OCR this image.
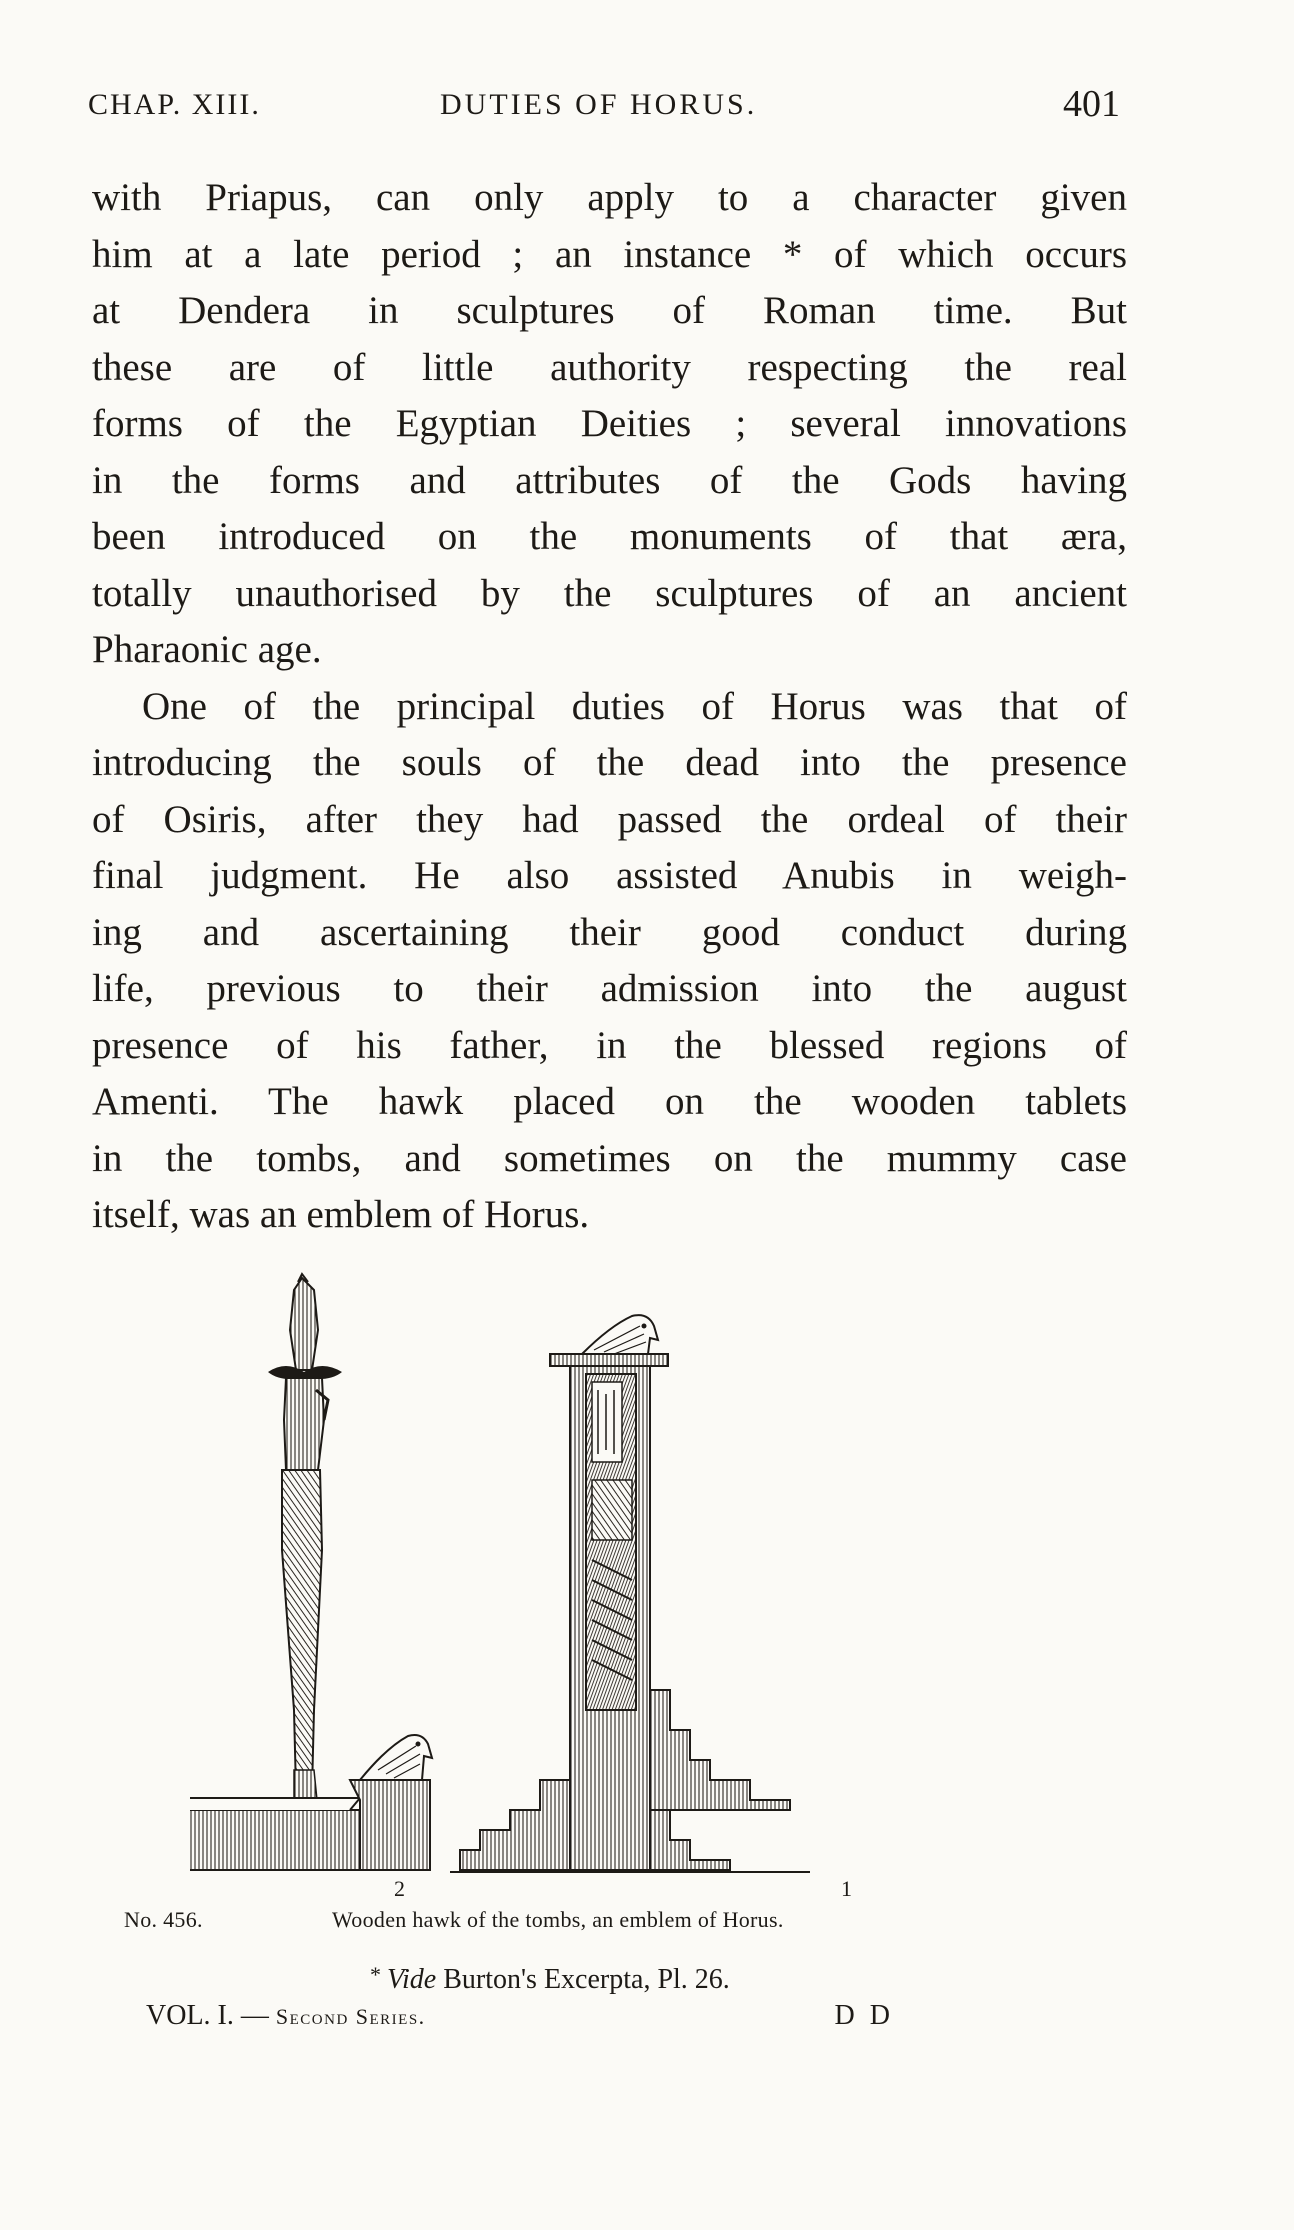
CHAP. XIII.	DUTIES OF HORUS.	401
with Priapus, can only apply to a character given
him at a late period ; an instance * of which occurs
at Dendera in sculptures of Roman time. But
these are of little authority respecting the real
forms of the Egyptian Deities ; several innovations
in the forms and attributes of the Gods having
been introduced on the monuments of that æra,
totally unauthorised by the sculptures of an ancient
Pharaonic age.
One of the principal duties of Horus was that of
introducing the souls of the dead into the presence
of Osiris, after they had passed the ordeal of their
final judgment. He also assisted Anubis in weigh-
ing and ascertaining their good conduct during
life, previous to their admission into the august
presence of his father, in the blessed regions of
Amenti. The hawk placed on the wooden tablets
in the tombs, and sometimes on the mummy case
itself, was an emblem of Horus.
2	1
No. 456.	Wooden hawk of the tombs, an emblem of Horus.
* Vide Burton's Excerpta, Pl. 26.
VOL. I. — Second Series.	D D
